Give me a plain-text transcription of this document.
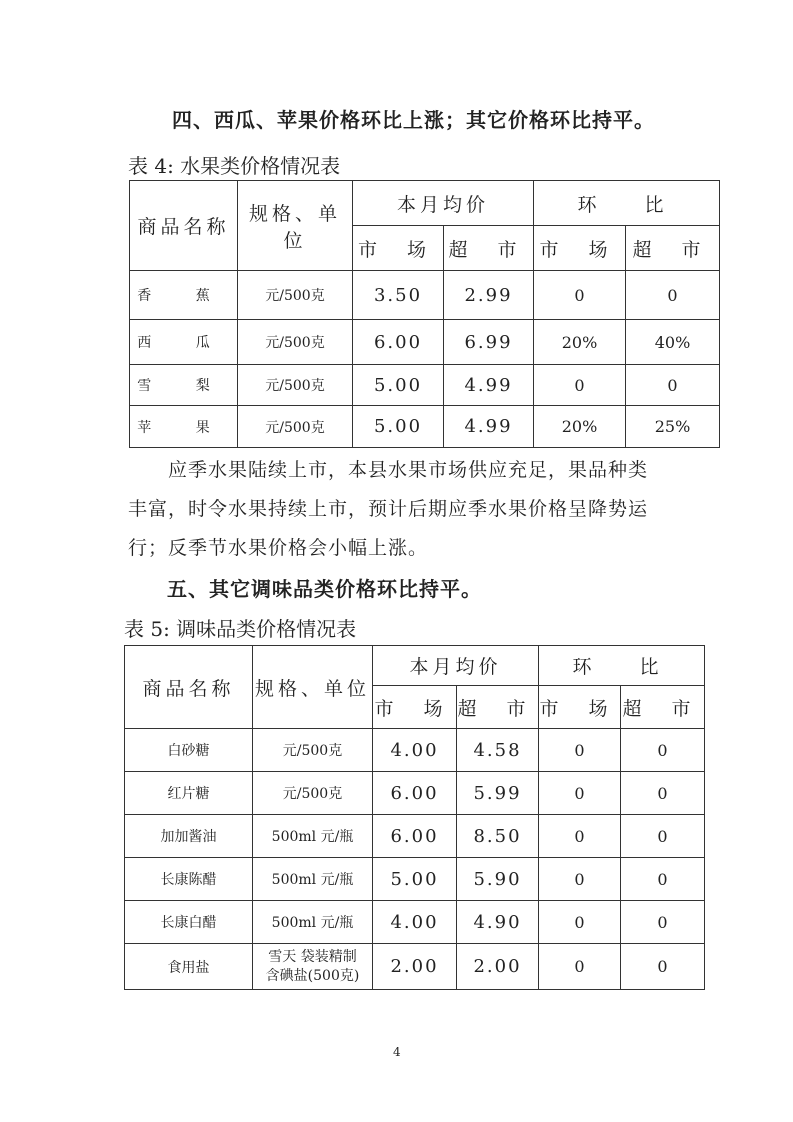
四、西瓜、苹果价格环比上涨；其它价格环比持平。
表 4: 水果类价格情况表
商品名称	规格、单位	本月均价		环  比	
		市 场	超 市	市 场	超 市
香 蕉	元/500克	3.50	2.99	0	0
西 瓜	元/500克	6.00	6.99	20%	40%
雪 梨	元/500克	5.00	4.99	0	0
苹 果	元/500克	5.00	4.99	20%	25%
应季水果陆续上市，本县水果市场供应充足，果品种类
丰富，时令水果持续上市，预计后期应季水果价格呈降势运
行；反季节水果价格会小幅上涨。
五、其它调味品类价格环比持平。
表 5: 调味品类价格情况表
商品名称	规格、单位	本月均价		环  比	
		市 场	超 市	市 场	超 市
白砂糖	元/500克	4.00	4.58	0	0
红片糖	元/500克	6.00	5.99	0	0
加加酱油	500ml 元/瓶	6.00	8.50	0	0
长康陈醋	500ml 元/瓶	5.00	5.90	0	0
长康白醋	500ml 元/瓶	4.00	4.90	0	0
食用盐	雪天 袋装精制
含碘盐(500克)	2.00	2.00	0	0
4
